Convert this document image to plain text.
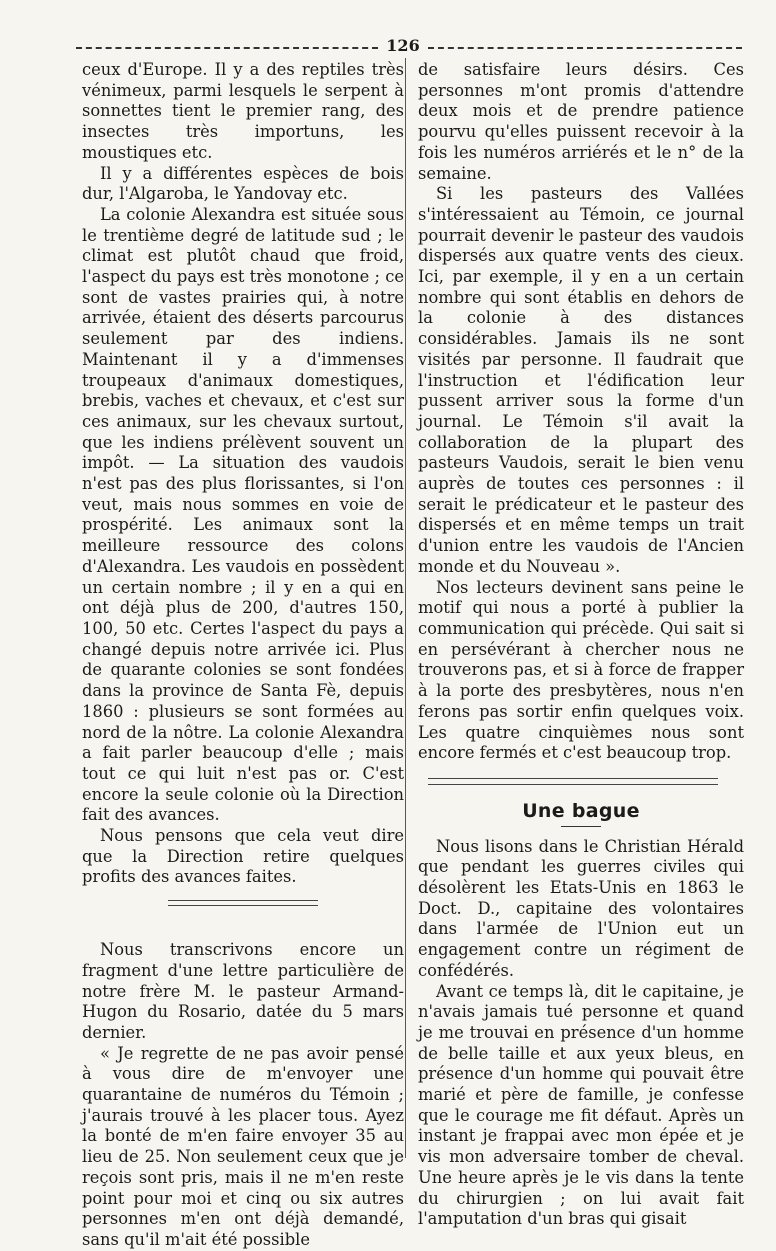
126

ceux d'Europe. Il y a des reptiles très vénimeux, parmi lesquels le serpent à sonnettes tient le premier rang, des insectes très importuns, les moustiques etc.

Il y a différentes espèces de bois dur, l'Algaroba, le Yandovay etc.

La colonie Alexandra est située sous le trentième degré de latitude sud ; le climat est plutôt chaud que froid, l'aspect du pays est très monotone ; ce sont de vastes prairies qui, à notre arrivée, étaient des déserts parcourus seulement par des indiens. Maintenant il y a d'immenses troupeaux d'animaux domestiques, brebis, vaches et chevaux, et c'est sur ces animaux, sur les chevaux surtout, que les indiens prélèvent souvent un impôt. — La situation des vaudois n'est pas des plus florissantes, si l'on veut, mais nous sommes en voie de prospérité. Les animaux sont la meilleure ressource des colons d'Alexandra. Les vaudois en possèdent un certain nombre ; il y en a qui en ont déjà plus de 200, d'autres 150, 100, 50 etc. Certes l'aspect du pays a changé depuis notre arrivée ici. Plus de quarante colonies se sont fondées dans la province de Santa Fè, depuis 1860 : plusieurs se sont formées au nord de la nôtre. La colonie Alexandra a fait parler beaucoup d'elle ; mais tout ce qui luit n'est pas or. C'est encore la seule colonie où la Direction fait des avances.

Nous pensons que cela veut dire que la Direction retire quelques profits des avances faites.

Nous transcrivons encore un fragment d'une lettre particulière de notre frère M. le pasteur Armand-Hugon du Rosario, datée du 5 mars dernier.

« Je regrette de ne pas avoir pensé à vous dire de m'envoyer une quarantaine de numéros du Témoin ; j'aurais trouvé à les placer tous. Ayez la bonté de m'en faire envoyer 35 au lieu de 25. Non seulement ceux que je reçois sont pris, mais il ne m'en reste point pour moi et cinq ou six autres personnes m'en ont déjà demandé, sans qu'il m'ait été possible

de satisfaire leurs désirs. Ces personnes m'ont promis d'attendre deux mois et de prendre patience pourvu qu'elles puissent recevoir à la fois les numéros arriérés et le n° de la semaine.

Si les pasteurs des Vallées s'intéressaient au Témoin, ce journal pourrait devenir le pasteur des vaudois dispersés aux quatre vents des cieux. Ici, par exemple, il y en a un certain nombre qui sont établis en dehors de la colonie à des distances considérables. Jamais ils ne sont visités par personne. Il faudrait que l'instruction et l'édification leur pussent arriver sous la forme d'un journal. Le Témoin s'il avait la collaboration de la plupart des pasteurs Vaudois, serait le bien venu auprès de toutes ces personnes : il serait le prédicateur et le pasteur des dispersés et en même temps un trait d'union entre les vaudois de l'Ancien monde et du Nouveau ».

Nos lecteurs devinent sans peine le motif qui nous a porté à publier la communication qui précède. Qui sait si en persévérant à chercher nous ne trouverons pas, et si à force de frapper à la porte des presbytères, nous n'en ferons pas sortir enfin quelques voix. Les quatre cinquièmes nous sont encore fermés et c'est beaucoup trop.

Une bague

Nous lisons dans le Christian Hérald que pendant les guerres civiles qui désolèrent les Etats-Unis en 1863 le Doct. D., capitaine des volontaires dans l'armée de l'Union eut un engagement contre un régiment de confédérés.

Avant ce temps là, dit le capitaine, je n'avais jamais tué personne et quand je me trouvai en présence d'un homme de belle taille et aux yeux bleus, en présence d'un homme qui pouvait être marié et père de famille, je confesse que le courage me fit défaut. Après un instant je frappai avec mon épée et je vis mon adversaire tomber de cheval. Une heure après je le vis dans la tente du chirurgien ; on lui avait fait l'amputation d'un bras qui gisait
